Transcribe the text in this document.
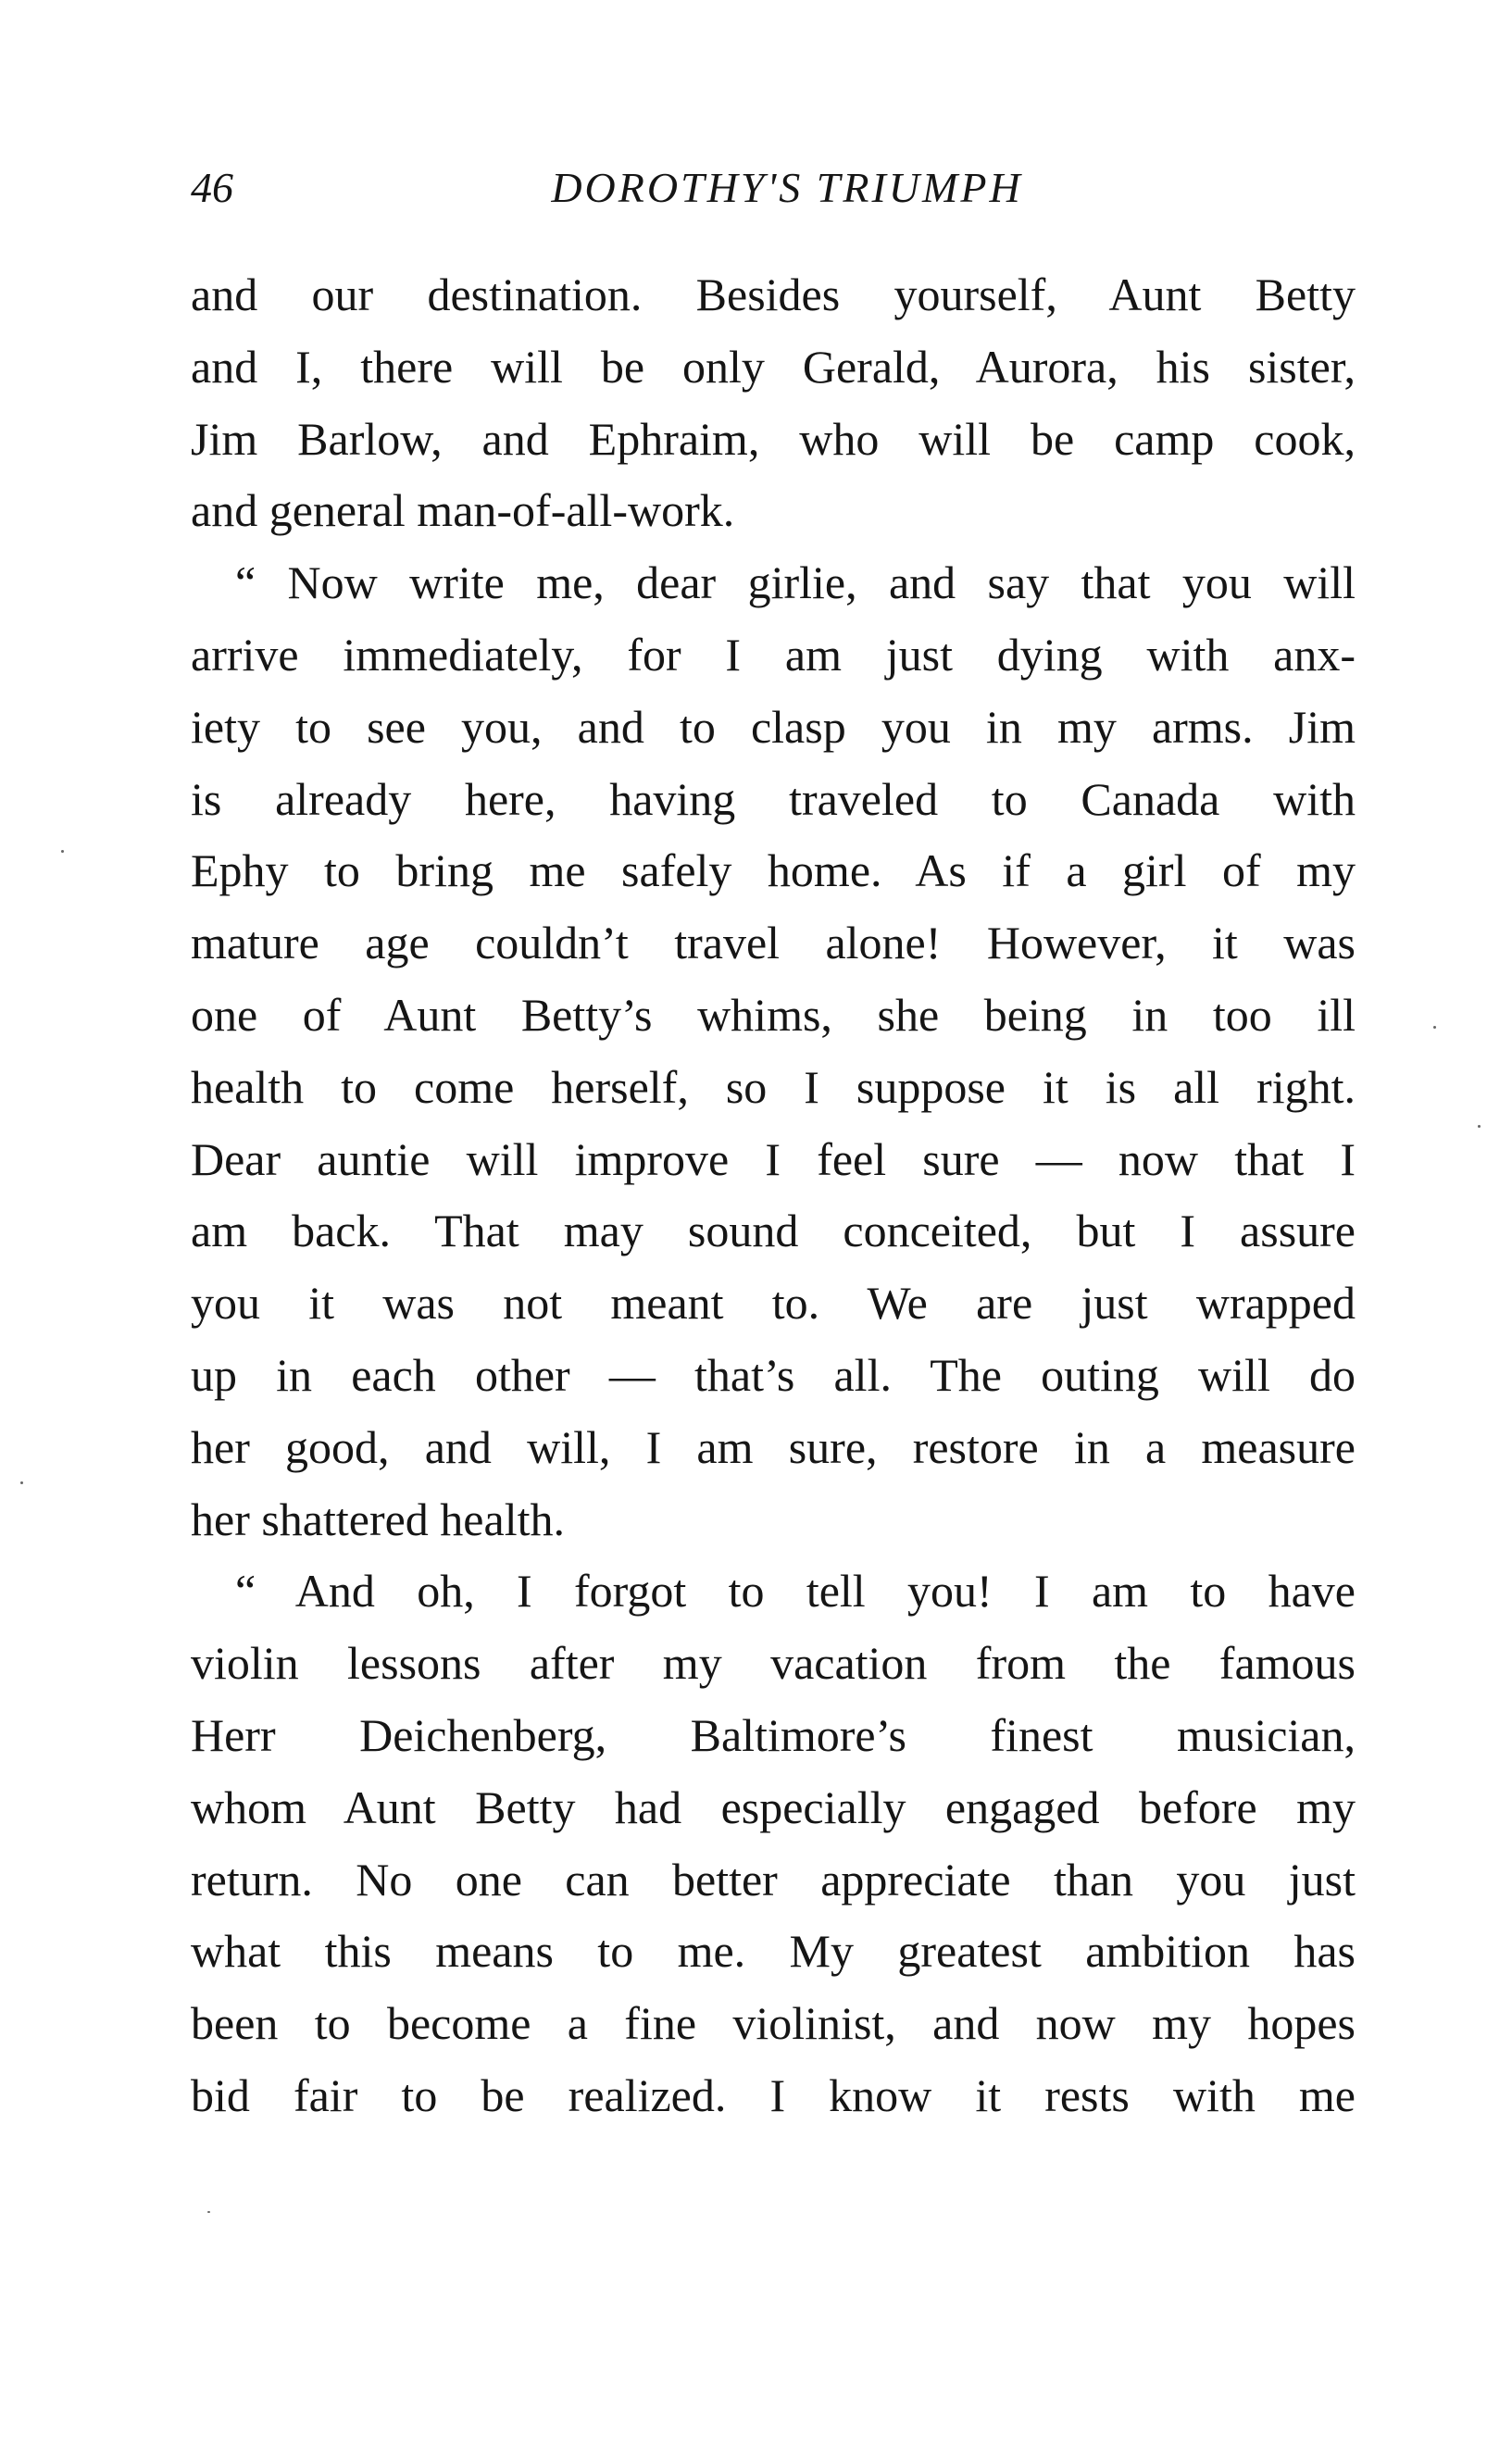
46	DOROTHY'S TRIUMPH
and our destination. Besides yourself, Aunt Betty
and I, there will be only Gerald, Aurora, his sister,
Jim Barlow, and Ephraim, who will be camp cook,
and general man-of-all-work.
“ Now write me, dear girlie, and say that you will
arrive immediately, for I am just dying with anx-
iety to see you, and to clasp you in my arms. Jim
is already here, having traveled to Canada with
Ephy to bring me safely home. As if a girl of my
mature age couldn’t travel alone! However, it was
one of Aunt Betty’s whims, she being in too ill
health to come herself, so I suppose it is all right.
Dear auntie will improve I feel sure — now that I
am back. That may sound conceited, but I assure
you it was not meant to. We are just wrapped
up in each other — that’s all. The outing will do
her good, and will, I am sure, restore in a measure
her shattered health.
“ And oh, I forgot to tell you! I am to have
violin lessons after my vacation from the famous
Herr Deichenberg, Baltimore’s finest musician,
whom Aunt Betty had especially engaged before my
return. No one can better appreciate than you just
what this means to me. My greatest ambition has
been to become a fine violinist, and now my hopes
bid fair to be realized. I know it rests with me
